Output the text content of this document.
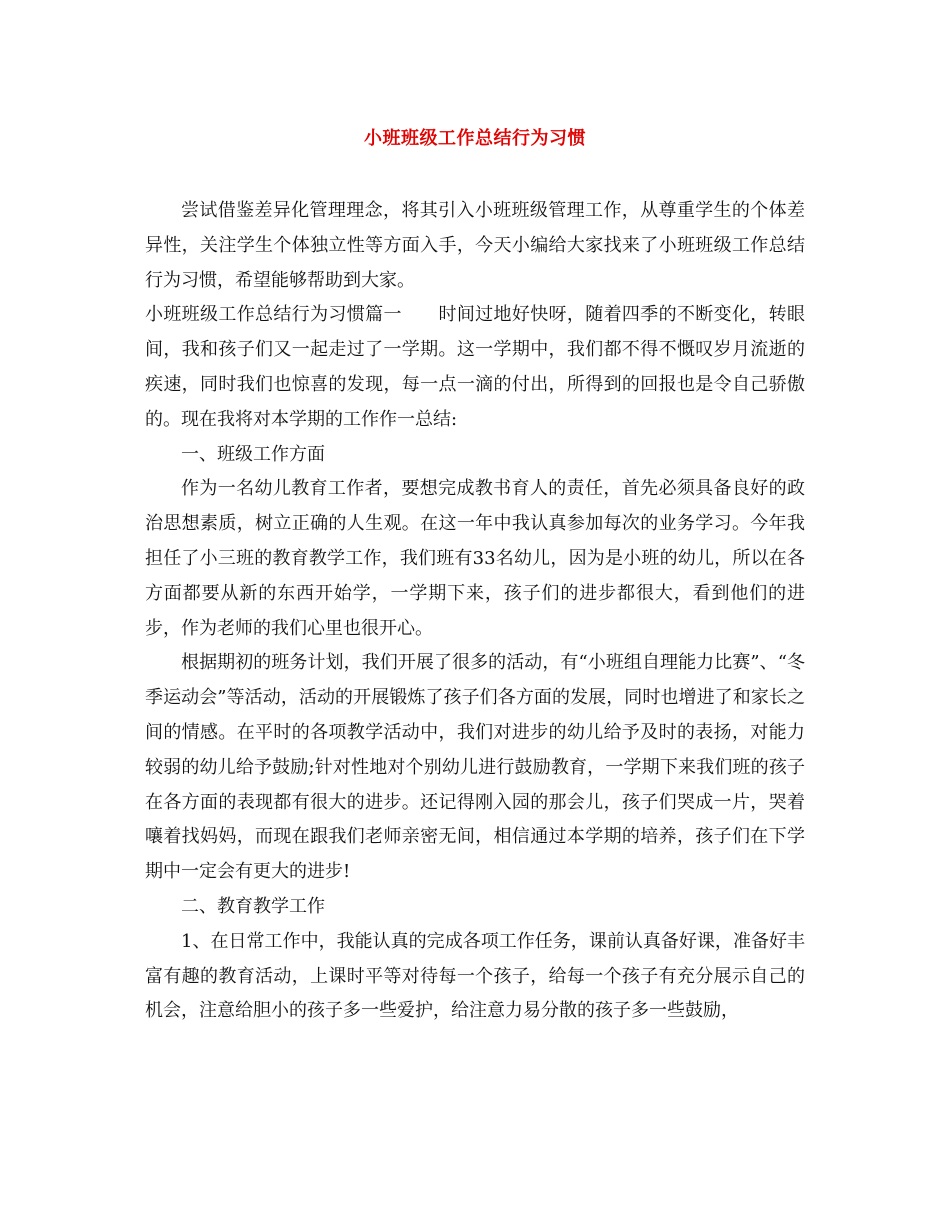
小班班级工作总结行为习惯

尝试借鉴差异化管理理念，将其引入小班班级管理工作，从尊重学生的个体差异性，关注学生个体独立性等方面入手，今天小编给大家找来了小班班级工作总结行为习惯，希望能够帮助到大家。

小班班级工作总结行为习惯篇一　　时间过地好快呀，随着四季的不断变化，转眼间，我和孩子们又一起走过了一学期。这一学期中，我们都不得不慨叹岁月流逝的疾速，同时我们也惊喜的发现，每一点一滴的付出，所得到的回报也是令自己骄傲的。现在我将对本学期的工作作一总结:

一、班级工作方面

作为一名幼儿教育工作者，要想完成教书育人的责任，首先必须具备良好的政治思想素质，树立正确的人生观。在这一年中我认真参加每次的业务学习。今年我担任了小三班的教育教学工作，我们班有33名幼儿，因为是小班的幼儿，所以在各方面都要从新的东西开始学，一学期下来，孩子们的进步都很大，看到他们的进步，作为老师的我们心里也很开心。

根据期初的班务计划，我们开展了很多的活动，有“小班组自理能力比赛”、“冬季运动会”等活动，活动的开展锻炼了孩子们各方面的发展，同时也增进了和家长之间的情感。在平时的各项教学活动中，我们对进步的幼儿给予及时的表扬，对能力较弱的幼儿给予鼓励;针对性地对个别幼儿进行鼓励教育，一学期下来我们班的孩子在各方面的表现都有很大的进步。还记得刚入园的那会儿，孩子们哭成一片，哭着嚷着找妈妈，而现在跟我们老师亲密无间，相信通过本学期的培养，孩子们在下学期中一定会有更大的进步!

二、教育教学工作

1、在日常工作中，我能认真的完成各项工作任务，课前认真备好课，准备好丰富有趣的教育活动，上课时平等对待每一个孩子，给每一个孩子有充分展示自己的机会，注意给胆小的孩子多一些爱护，给注意力易分散的孩子多一些鼓励，
